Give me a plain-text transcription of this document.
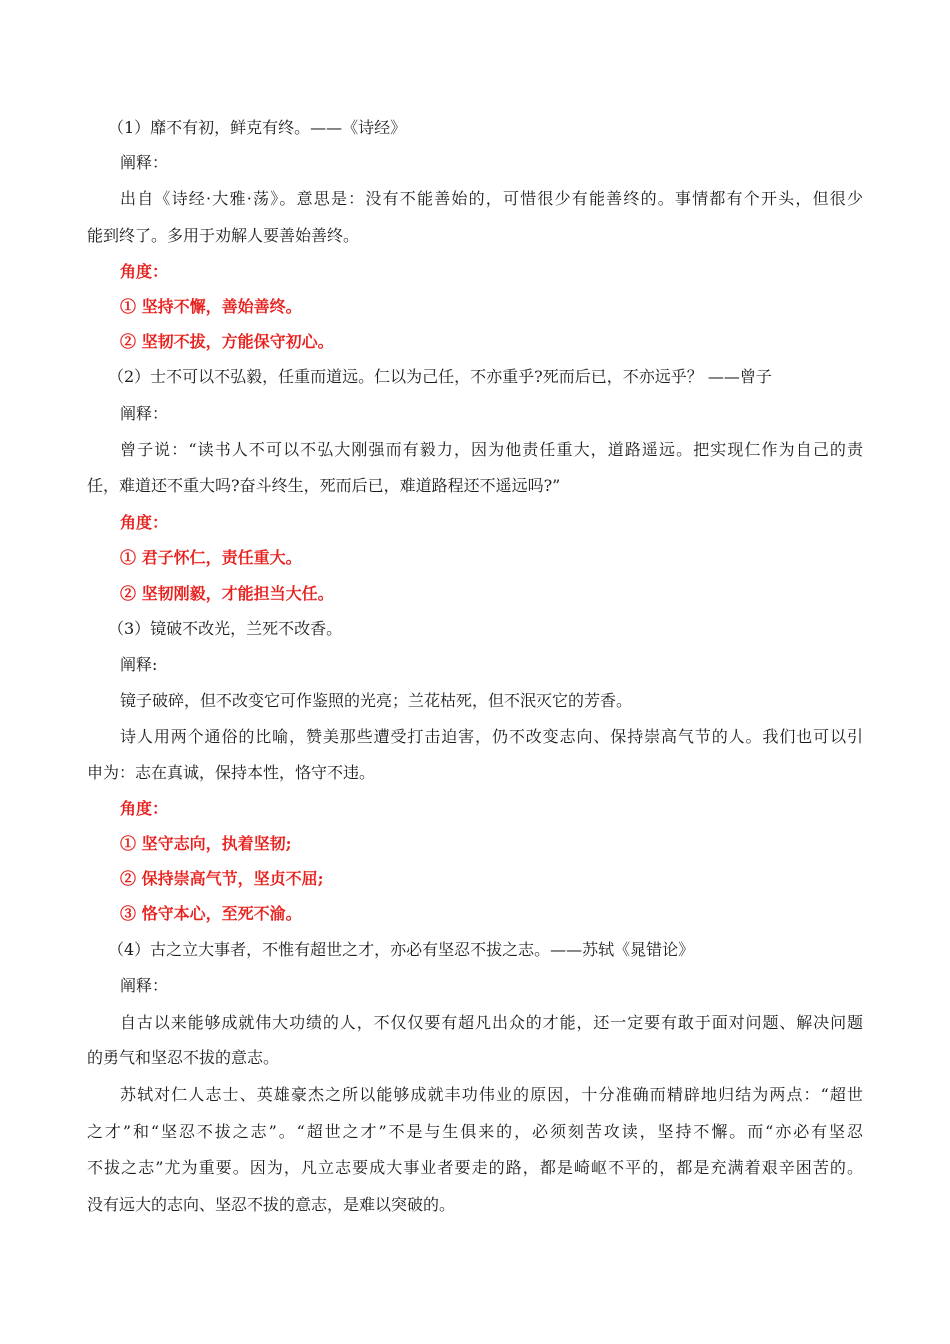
（1）靡不有初，鲜克有终。——《诗经》
阐释：
出自《诗经·大雅·荡》。意思是：没有不能善始的，可惜很少有能善终的。事情都有个开头，但很少
能到终了。多用于劝解人要善始善终。
角度：
① 坚持不懈，善始善终。
② 坚韧不拔，方能保守初心。
（2）士不可以不弘毅，任重而道远。仁以为己任，不亦重乎?死而后已，不亦远乎？ ——曾子
阐释：
曾子说：“读书人不可以不弘大刚强而有毅力，因为他责任重大，道路遥远。把实现仁作为自己的责
任，难道还不重大吗?奋斗终生，死而后已，难道路程还不遥远吗?”
角度：
① 君子怀仁，责任重大。
② 坚韧刚毅，才能担当大任。
（3）镜破不改光，兰死不改香。
阐释:
镜子破碎，但不改变它可作鉴照的光亮；兰花枯死，但不泯灭它的芳香。
诗人用两个通俗的比喻，赞美那些遭受打击迫害，仍不改变志向、保持崇高气节的人。我们也可以引
申为：志在真诚，保持本性，恪守不违。
角度：
① 坚守志向，执着坚韧;
② 保持崇高气节，坚贞不屈;
③ 恪守本心，至死不渝。
（4）古之立大事者，不惟有超世之才，亦必有坚忍不拔之志。——苏轼《晁错论》
阐释：
自古以来能够成就伟大功绩的人，不仅仅要有超凡出众的才能，还一定要有敢于面对问题、解决问题
的勇气和坚忍不拔的意志。
苏轼对仁人志士、英雄豪杰之所以能够成就丰功伟业的原因，十分准确而精辟地归结为两点：“超世
之才”和“坚忍不拔之志”。“超世之才”不是与生俱来的，必须刻苦攻读，坚持不懈。而“亦必有坚忍
不拔之志”尤为重要。因为，凡立志要成大事业者要走的路，都是崎岖不平的，都是充满着艰辛困苦的。
没有远大的志向、坚忍不拔的意志，是难以突破的。
